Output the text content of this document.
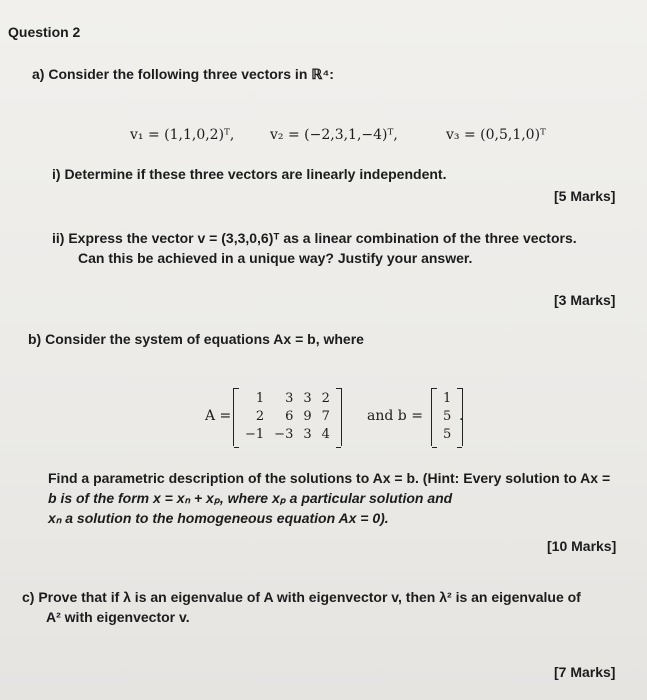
Question 2
a) Consider the following three vectors in ℝ⁴:
v₁ = (1,1,0,2)ᵀ,	v₂ = (−2,3,1,−4)ᵀ,	v₃ = (0,5,1,0)ᵀ
i) Determine if these three vectors are linearly independent.
[5 Marks]
ii) Express the vector v = (3,3,0,6)ᵀ as a linear combination of the three vectors.
Can this be achieved in a unique way? Justify your answer.
[3 Marks]
b) Consider the system of equations Ax = b, where
A =
1	3	3	2
2	6	9	7
−1	−3	3	4
and b =
1
5
5
.
Find a parametric description of the solutions to Ax = b. (Hint: Every solution to Ax =
b is of the form x = xₙ + xₚ, where xₚ a particular solution and
xₙ a solution to the homogeneous equation Ax = 0).
[10 Marks]
c) Prove that if λ is an eigenvalue of A with eigenvector v, then λ² is an eigenvalue of
A² with eigenvector v.
[7 Marks]
